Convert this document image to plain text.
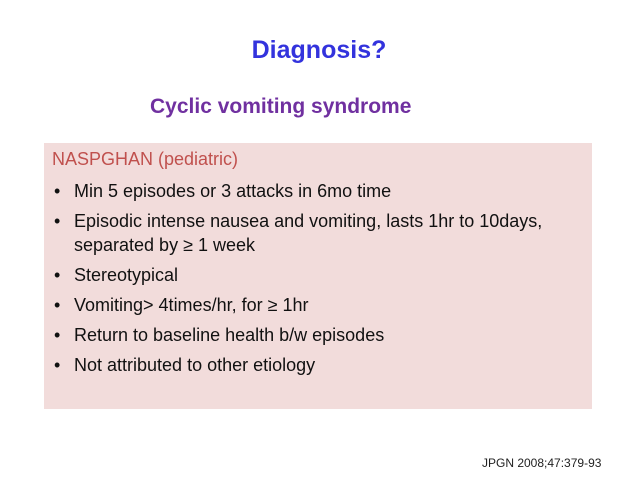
Diagnosis?
Cyclic vomiting syndrome
NASPGHAN (pediatric)
• Min 5 episodes or 3 attacks in 6mo time
• Episodic intense nausea and vomiting, lasts 1hr to 10days, separated by ≥ 1 week
• Stereotypical
• Vomiting> 4times/hr, for ≥ 1hr
• Return to baseline health b/w episodes
• Not attributed to other etiology
JPGN 2008;47:379-93
